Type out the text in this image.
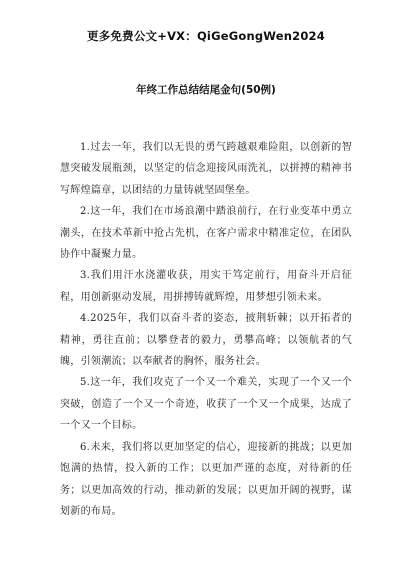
更多免费公文+VX：QiGeGongWen2024
年终工作总结结尾金句(50例)

1.过去一年，我们以无畏的勇气跨越艰难险阻，以创新的智慧突破发展瓶颈，以坚定的信念迎接风雨洗礼，以拼搏的精神书写辉煌篇章，以团结的力量铸就坚固堡垒。

2.这一年，我们在市场浪潮中踏浪前行，在行业变革中勇立潮头，在技术革新中抢占先机，在客户需求中精准定位，在团队协作中凝聚力量。

3.我们用汗水浇灌收获，用实干笃定前行，用奋斗开启征程，用创新驱动发展，用拼搏铸就辉煌，用梦想引领未来。

4.2025年，我们以奋斗者的姿态，披荆斩棘；以开拓者的精神，勇往直前；以攀登者的毅力，勇攀高峰；以领航者的气魄，引领潮流；以奉献者的胸怀，服务社会。

5.这一年，我们攻克了一个又一个难关，实现了一个又一个突破，创造了一个又一个奇迹，收获了一个又一个成果，达成了一个又一个目标。

6.未来，我们将以更加坚定的信心，迎接新的挑战；以更加饱满的热情，投入新的工作；以更加严谨的态度，对待新的任务；以更加高效的行动，推动新的发展；以更加开阔的视野，谋划新的布局。
